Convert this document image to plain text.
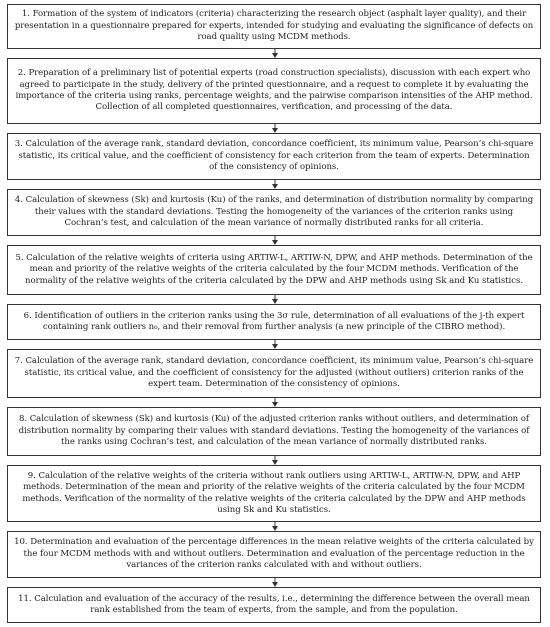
1. Formation of the system of indicators (criteria) characterizing the research object (asphalt layer quality), and their presentation in a questionnaire prepared for experts, intended for studying and evaluating the significance of defects on road quality using MCDM methods.
2. Preparation of a preliminary list of potential experts (road construction specialists), discussion with each expert who agreed to participate in the study, delivery of the printed questionnaire, and a request to complete it by evaluating the importance of the criteria using ranks, percentage weights, and the pairwise comparison intensities of the AHP method. Collection of all completed questionnaires, verification, and processing of the data.
3. Calculation of the average rank, standard deviation, concordance coefficient, its minimum value, Pearson’s chi-square statistic, its critical value, and the coefficient of consistency for each criterion from the team of experts. Determination of the consistency of opinions.
4. Calculation of skewness (Sk) and kurtosis (Ku) of the ranks, and determination of distribution normality by comparing their values with the standard deviations. Testing the homogeneity of the variances of the criterion ranks using Cochran’s test, and calculation of the mean variance of normally distributed ranks for all criteria.
5. Calculation of the relative weights of criteria using ARTIW-L, ARTIW-N, DPW, and AHP methods. Determination of the mean and priority of the relative weights of the criteria calculated by the four MCDM methods. Verification of the normality of the relative weights of the criteria calculated by the DPW and AHP methods using Sk and Ku statistics.
6. Identification of outliers in the criterion ranks using the 3σ rule, determination of all evaluations of the j-th expert containing rank outliers n₀, and their removal from further analysis (a new principle of the CIBRO method).
7. Calculation of the average rank, standard deviation, concordance coefficient, its minimum value, Pearson’s chi-square statistic, its critical value, and the coefficient of consistency for the adjusted (without outliers) criterion ranks of the expert team. Determination of the consistency of opinions.
8. Calculation of skewness (Sk) and kurtosis (Ku) of the adjusted criterion ranks without outliers, and determination of distribution normality by comparing their values with standard deviations. Testing the homogeneity of the variances of the ranks using Cochran’s test, and calculation of the mean variance of normally distributed ranks.
9. Calculation of the relative weights of the criteria without rank outliers using ARTIW-L, ARTIW-N, DPW, and AHP methods. Determination of the mean and priority of the relative weights of the criteria calculated by the four MCDM methods. Verification of the normality of the relative weights of the criteria calculated by the DPW and AHP methods using Sk and Ku statistics.
10. Determination and evaluation of the percentage differences in the mean relative weights of the criteria calculated by the four MCDM methods with and without outliers. Determination and evaluation of the percentage reduction in the variances of the criterion ranks calculated with and without outliers.
11. Calculation and evaluation of the accuracy of the results, i.e., determining the difference between the overall mean rank established from the team of experts, from the sample, and from the population.
